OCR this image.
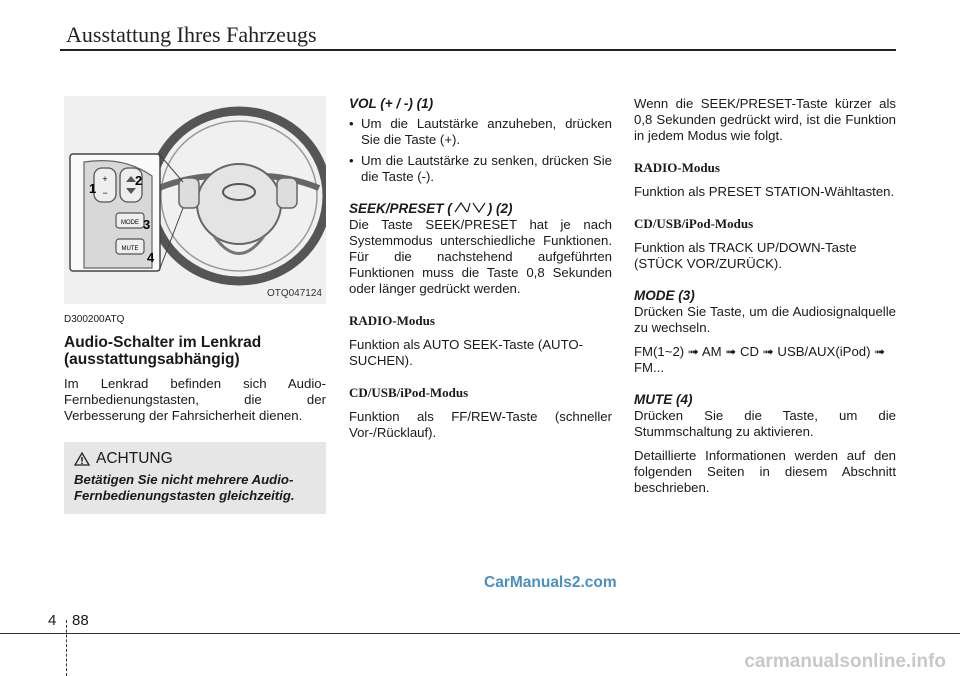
Ausstattung Ihres Fahrzeugs
+
−
MODE
MUTE
1
2
3
4
OTQ047124
D300200ATQ
Audio-Schalter im Lenkrad (ausstattungsabhängig)

Im Lenkrad befinden sich Audio-Fernbedienungstasten, die der Verbesserung der Fahrsicherheit dienen.

ACHTUNG
Betätigen Sie nicht mehrere Audio-Fernbedienungstasten gleichzeitig.
VOL (+ / -) (1)
• Um die Lautstärke anzuheben, drücken Sie die Taste (+).
• Um die Lautstärke zu senken, drücken Sie die Taste (-).
SEEK/PRESET (	) (2)

Die Taste SEEK/PRESET hat je nach Systemmodus unterschiedliche Funktionen. Für die nachstehend aufgeführten Funktionen muss die Taste 0,8 Sekunden oder länger gedrückt werden.

RADIO-Modus

Funktion als AUTO SEEK-Taste (AUTO-SUCHEN).

CD/USB/iPod-Modus

Funktion als FF/REW-Taste (schneller Vor-/Rücklauf).

Wenn die SEEK/PRESET-Taste kürzer als 0,8 Sekunden gedrückt wird, ist die Funktion in jedem Modus wie folgt.

RADIO-Modus

Funktion als PRESET STATION-Wähltasten.

CD/USB/iPod-Modus

Funktion als TRACK UP/DOWN-Taste (STÜCK VOR/ZURÜCK).

MODE (3)

Drücken Sie Taste, um die Audiosignalquelle zu wechseln.

FM(1~2) ➟ AM ➟ CD ➟ USB/AUX(iPod) ➟ FM...

MUTE (4)

Drücken Sie die Taste, um die Stummschaltung zu aktivieren.

Detaillierte Informationen werden auf den folgenden Seiten in diesem Abschnitt beschrieben.

CarManuals2.com
4 88
carmanualsonline.info
